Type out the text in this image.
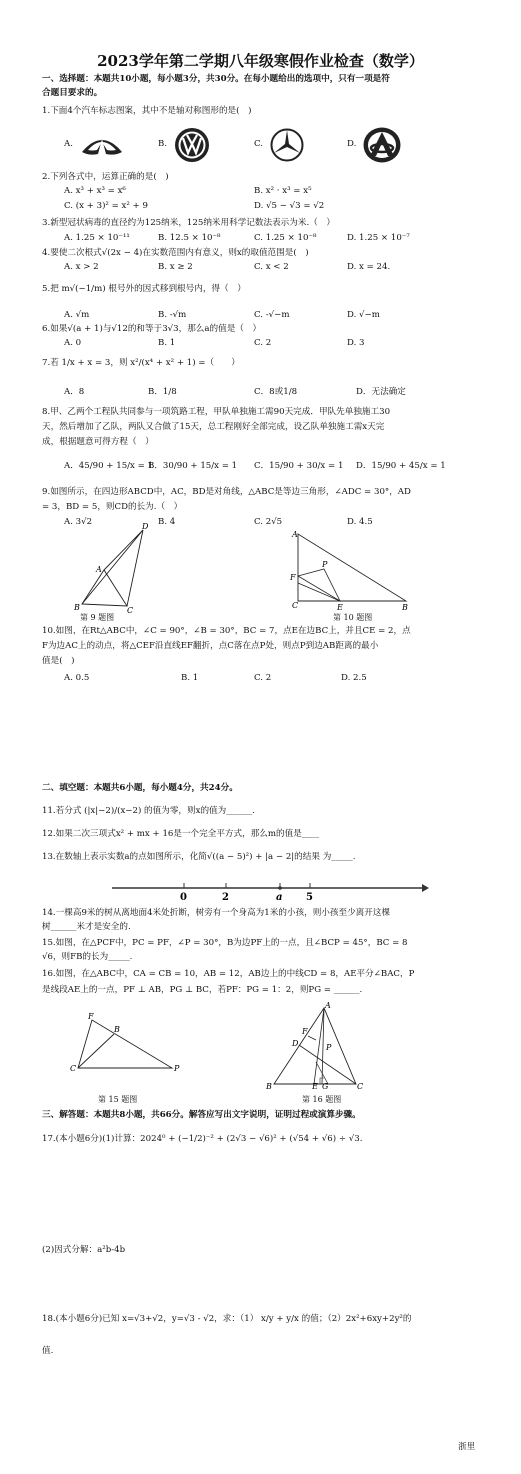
2023学年第二学期八年级寒假作业检查（数学）
一、选择题：本题共10小题，每小题3分，共30分。在每小题给出的选项中，只有一项是符
合题目要求的。
1.下面4个汽车标志图案，其中不是轴对称图形的是(　)
A.	B.	C.	D.
2.下列各式中，运算正确的是(　)
A. x³ + x³ = x⁶	B. x² · x³ = x⁵
C. (x + 3)² = x² + 9	D. √5 − √3 = √2
3.新型冠状病毒的直径约为125纳米，125纳米用科学记数法表示为米.（　）
A. 1.25 × 10⁻¹¹	B. 12.5 × 10⁻⁸	C. 1.25 × 10⁻⁸	D. 1.25 × 10⁻⁷
4.要使二次根式√(2x − 4)在实数范围内有意义，则x的取值范围是(　)
A. x > 2	B. x ≥ 2	C. x < 2	D. x = 24.
5.把 m√(−1/m) 根号外的因式移到根号内，得（　）
A. √m	B. -√m	C. -√−m	D. √−m
6.如果√(a + 1)与√12的和等于3√3，那么a的值是（　）
A. 0	B. 1	C. 2	D. 3
7.若 1/x + x = 3，则 x²/(x⁴ + x² + 1) =（　　）
A．8	B．1/8	C．8或1/8	D．无法确定
8.甲、乙两个工程队共同参与一项筑路工程，甲队单独施工需90天完成．甲队先单独施工30
天，然后增加了乙队，两队又合做了15天，总工程刚好全部完成，设乙队单独施工需x天完
成，根据题意可得方程（　）
A．45/90 + 15/x = 1
B．30/90 + 15/x = 1 C．15/90 + 30/x = 1 D．15/90 + 45/x = 1
9.如图所示，在四边形ABCD中，AC，BD是对角线，△ABC是等边三角形，∠ADC = 30°，AD
= 3，BD = 5，则CD的长为.（　）
A. 3√2	B. 4	C. 2√5	D. 4.5
D
A
B	C
第 9 题图
A
P
F
C	E	B
第 10 题图
10.如图，在Rt△ABC中，∠C = 90°，∠B = 30°，BC = 7，点E在边BC上，并且CE = 2，点
F为边AC上的动点，将△CEF沿直线EF翻折，点C落在点P处，则点P到边AB距离的最小
值是(　)
A. 0.5	B. 1	C. 2	D. 2.5
二、填空题：本题共6小题，每小题4分，共24分。
11.若分式 (|x|−2)/(x−2) 的值为零，则x的值为______.
12.如果二次三项式x² + mx + 16是一个完全平方式，那么m的值是____
13.在数轴上表示实数a的点如图所示，化简√((a − 5)²) + |a − 2|的结果 为_____.
0	2	a 5
14.一棵高9米的树从离地面4米处折断，树旁有一个身高为1米的小孩，则小孩至少离开这棵
树______米才是安全的.
15.如图，在△PCF中，PC = PF，∠P = 30°，B为边PF上的一点，且∠BCP = 45°，BC = 8
√6，则FB的长为_____.
16.如图，在△ABC中，CA = CB = 10，AB = 12，AB边上的中线CD = 8，AE平分∠BAC，P
是线段AE上的一点，PF ⊥ AB，PG ⊥ BC，若PF：PG = 1：2，则PG = ______.
F
B
C	P
第 15 题图
A
F
D	P
B	E G	C
第 16 题图
三、解答题：本题共8小题，共66分。解答应写出文字说明，证明过程或演算步骤。
17.(本小题6分)(1)计算：2024⁰ + (−1/2)⁻² + (2√3 − √6)² + (√54 + √6) ÷ √3.
(2)因式分解：a²b-4b
18.(本小题6分)已知 x=√3+√2，y=√3 - √2，求：（1） x/y + y/x 的值；（2）2x²+6xy+2y²的
值.
浙里
